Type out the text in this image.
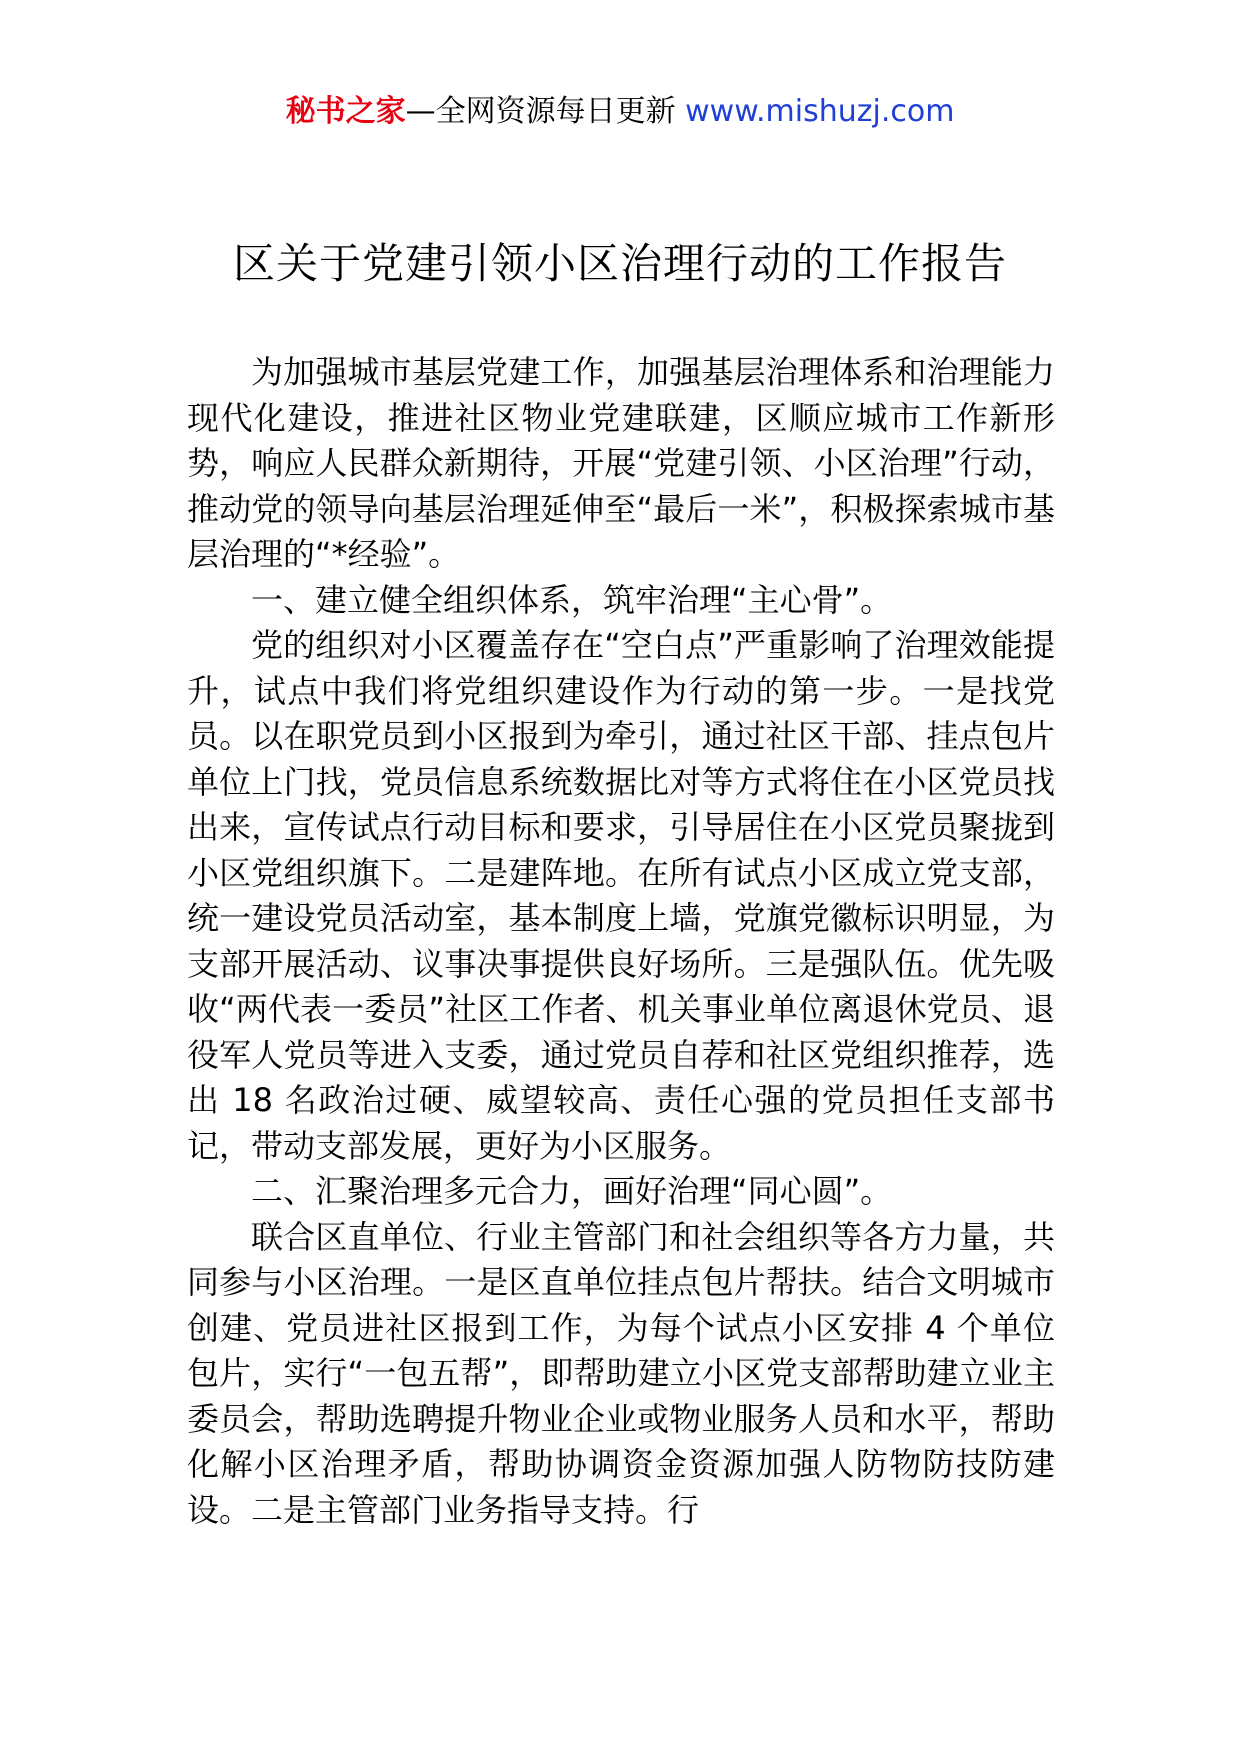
秘书之家—全网资源每日更新 www.mishuzj.com
区关于党建引领小区治理行动的工作报告

为加强城市基层党建工作，加强基层治理体系和治理能力现代化建设，推进社区物业党建联建，区顺应城市工作新形势，响应人民群众新期待，开展“党建引领、小区治理”行动，推动党的领导向基层治理延伸至“最后一米”，积极探索城市基层治理的“*经验”。

一、建立健全组织体系，筑牢治理“主心骨”。

党的组织对小区覆盖存在“空白点”严重影响了治理效能提升，试点中我们将党组织建设作为行动的第一步。一是找党员。以在职党员到小区报到为牵引，通过社区干部、挂点包片单位上门找，党员信息系统数据比对等方式将住在小区党员找出来，宣传试点行动目标和要求，引导居住在小区党员聚拢到小区党组织旗下。二是建阵地。在所有试点小区成立党支部，统一建设党员活动室，基本制度上墙，党旗党徽标识明显，为支部开展活动、议事决事提供良好场所。三是强队伍。优先吸收“两代表一委员”社区工作者、机关事业单位离退休党员、退役军人党员等进入支委，通过党员自荐和社区党组织推荐，选出 18 名政治过硬、威望较高、责任心强的党员担任支部书记，带动支部发展，更好为小区服务。

二、汇聚治理多元合力，画好治理“同心圆”。

联合区直单位、行业主管部门和社会组织等各方力量，共同参与小区治理。一是区直单位挂点包片帮扶。结合文明城市创建、党员进社区报到工作，为每个试点小区安排 4 个单位包片，实行“一包五帮”，即帮助建立小区党支部帮助建立业主委员会，帮助选聘提升物业企业或物业服务人员和水平，帮助化解小区治理矛盾，帮助协调资金资源加强人防物防技防建设。二是主管部门业务指导支持。行
